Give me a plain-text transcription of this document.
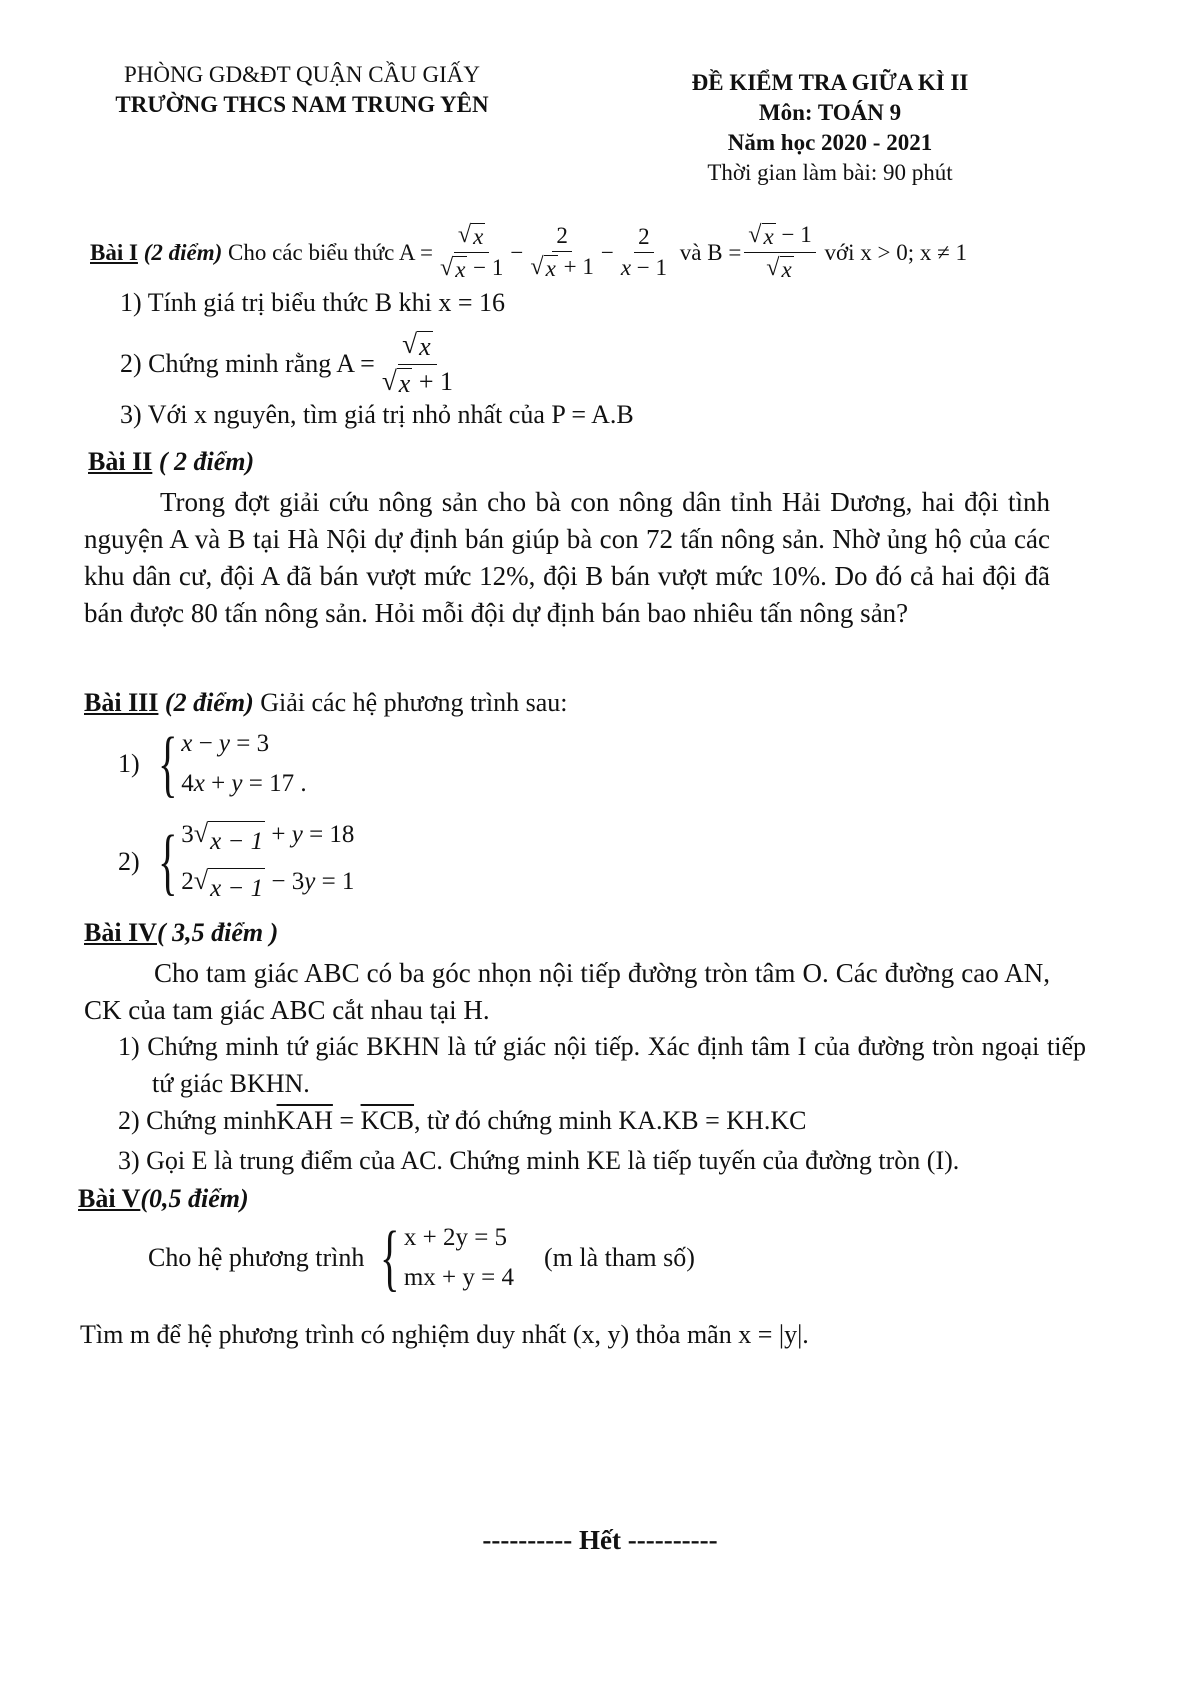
PHÒNG GD&ĐT QUẬN CẦU GIẤY
TRƯỜNG THCS NAM TRUNG YÊN
ĐỀ KIỂM TRA GIỮA KÌ II
Môn: TOÁN 9
Năm học 2020 - 2021
Thời gian làm bài: 90 phút
Bài I
(2 điểm)
Cho các biểu thức $A = \frac{√ x}{√ x - 1} - \frac{2}{√ x + 1} - \frac{2}{x - 1}$
và $B = \frac{√ x - 1}{√ x}$
với x > 0; x ≠ 1
1) Tính giá trị biểu thức B khi x = 16
2) Chứng minh rằng $A = \frac{√ x}{√ x + 1}$
3) Với x nguyên, tìm giá trị nhỏ nhất của P = A.B
Bài II ( 2 điểm)
Trong đợt giải cứu nông sản cho bà con nông dân tỉnh Hải Dương, hai đội tình nguyện A và B tại Hà Nội dự định bán giúp bà con 72 tấn nông sản. Nhờ ủng hộ của các khu dân cư, đội A đã bán vượt mức 12%, đội B bán vượt mức 10%. Do đó cả hai đội đã bán được 80 tấn nông sản. Hỏi mỗi đội dự định bán bao nhiêu tấn nông sản?
Bài III (2 điểm) Giải các hệ phương trình sau:
1) { x − y = 3
4x + y = 17 .
2) { 3 √ x − 1 + y = 18
2 √ x − 1 − 3y = 1
Bài IV( 3,5 điểm )
Cho tam giác ABC có ba góc nhọn nội tiếp đường tròn tâm O. Các đường cao AN, CK của tam giác ABC cắt nhau tại H.
1) Chứng minh tứ giác BKHN là tứ giác nội tiếp. Xác định tâm I của đường tròn ngoại tiếp tứ giác BKHN.
2) Chứng $\min h\overline{KAH} = \overline{KCB}$, từ đó chứng minh KA.KB = KH.KC
3) Gọi E là trung điểm của AC. Chứng minh KE là tiếp tuyến của đường tròn (I).
Bài V(0,5 điểm)
Cho hệ phương trình { x + 2y = 5
mx + y = 4
(m là tham số)
Tìm m để hệ phương trình có nghiệm duy nhất (x, y) thỏa mãn x = |y|.
---------- Hết ----------
